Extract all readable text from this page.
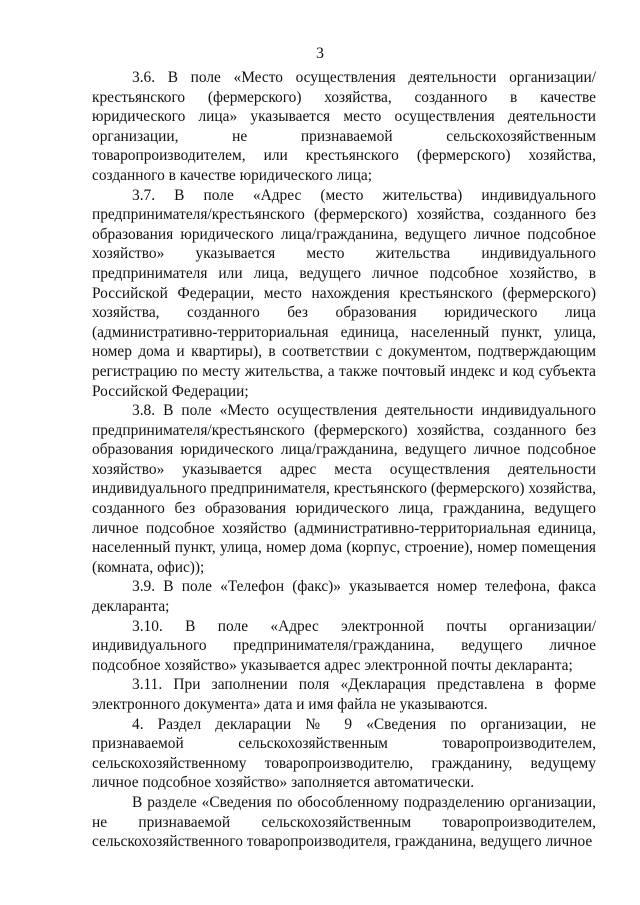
3

3.6. В поле «Место осуществления деятельности организации/крестьянского (фермерского) хозяйства, созданного в качестве юридического лица» указывается место осуществления деятельности организации, не признаваемой сельскохозяйственным товаропроизводителем, или крестьянского (фермерского) хозяйства, созданного в качестве юридического лица;

3.7. В поле «Адрес (место жительства) индивидуального предпринимателя/крестьянского (фермерского) хозяйства, созданного без образования юридического лица/гражданина, ведущего личное подсобное хозяйство» указывается место жительства индивидуального предпринимателя или лица, ведущего личное подсобное хозяйство, в Российской Федерации, место нахождения крестьянского (фермерского) хозяйства, созданного без образования юридического лица (административно-территориальная единица, населенный пункт, улица, номер дома и квартиры), в соответствии с документом, подтверждающим регистрацию по месту жительства, а также почтовый индекс и код субъекта Российской Федерации;

3.8. В поле «Место осуществления деятельности индивидуального предпринимателя/крестьянского (фермерского) хозяйства, созданного без образования юридического лица/гражданина, ведущего личное подсобное хозяйство» указывается адрес места осуществления деятельности индивидуального предпринимателя, крестьянского (фермерского) хозяйства, созданного без образования юридического лица, гражданина, ведущего личное подсобное хозяйство (административно-территориальная единица, населенный пункт, улица, номер дома (корпус, строение), номер помещения (комната, офис));

3.9. В поле «Телефон (факс)» указывается номер телефона, факса декларанта;

3.10. В поле «Адрес электронной почты организации/индивидуального предпринимателя/гражданина, ведущего личное подсобное хозяйство» указывается адрес электронной почты декларанта;

3.11. При заполнении поля «Декларация представлена в форме электронного документа» дата и имя файла не указываются.

4. Раздел декларации № 9 «Сведения по организации, не признаваемой сельскохозяйственным товаропроизводителем, сельскохозяйственному товаропроизводителю, гражданину, ведущему личное подсобное хозяйство» заполняется автоматически.

В разделе «Сведения по обособленному подразделению организации, не признаваемой сельскохозяйственным товаропроизводителем, сельскохозяйственного товаропроизводителя, гражданина, ведущего личное
